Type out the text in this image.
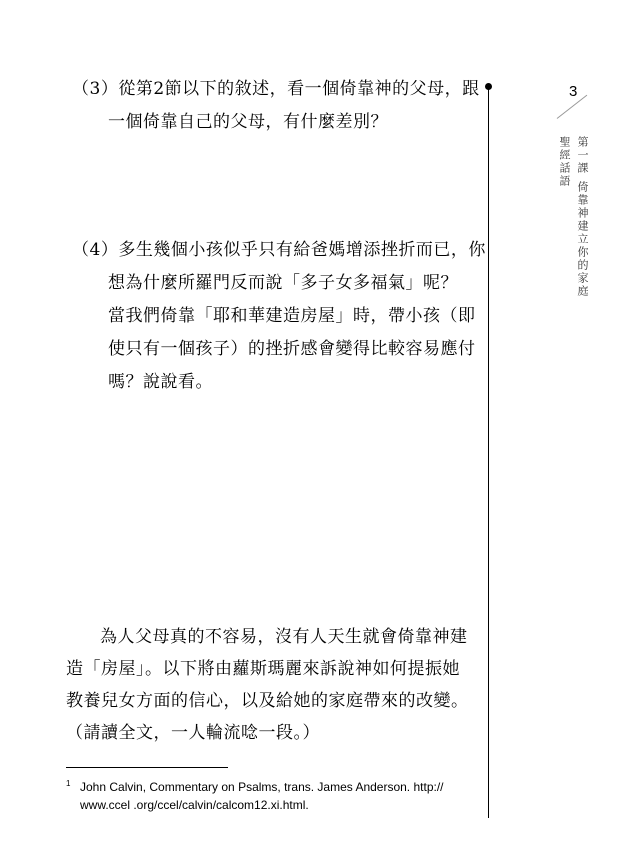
（3）從第2節以下的敘述，看一個倚靠神的父母，跟
一個倚靠自己的父母，有什麼差別？
（4）多生幾個小孩似乎只有給爸媽增添挫折而已，你
想為什麼所羅門反而說「多子女多福氣」呢？
當我們倚靠「耶和華建造房屋」時，帶小孩（即
使只有一個孩子）的挫折感會變得比較容易應付
嗎？說說看。
為人父母真的不容易，沒有人天生就會倚靠神建
造「房屋」。以下將由蘿斯瑪麗來訴說神如何提振她
教養兒女方面的信心，以及給她的家庭帶來的改變。
（請讀全文，一人輪流唸一段。）
1 John Calvin, Commentary on Psalms, trans. James Anderson. http://
www.ccel .org/ccel/calvin/calcom12.xi.html.
3
聖經話語 第一課倚靠神建立你的家庭
